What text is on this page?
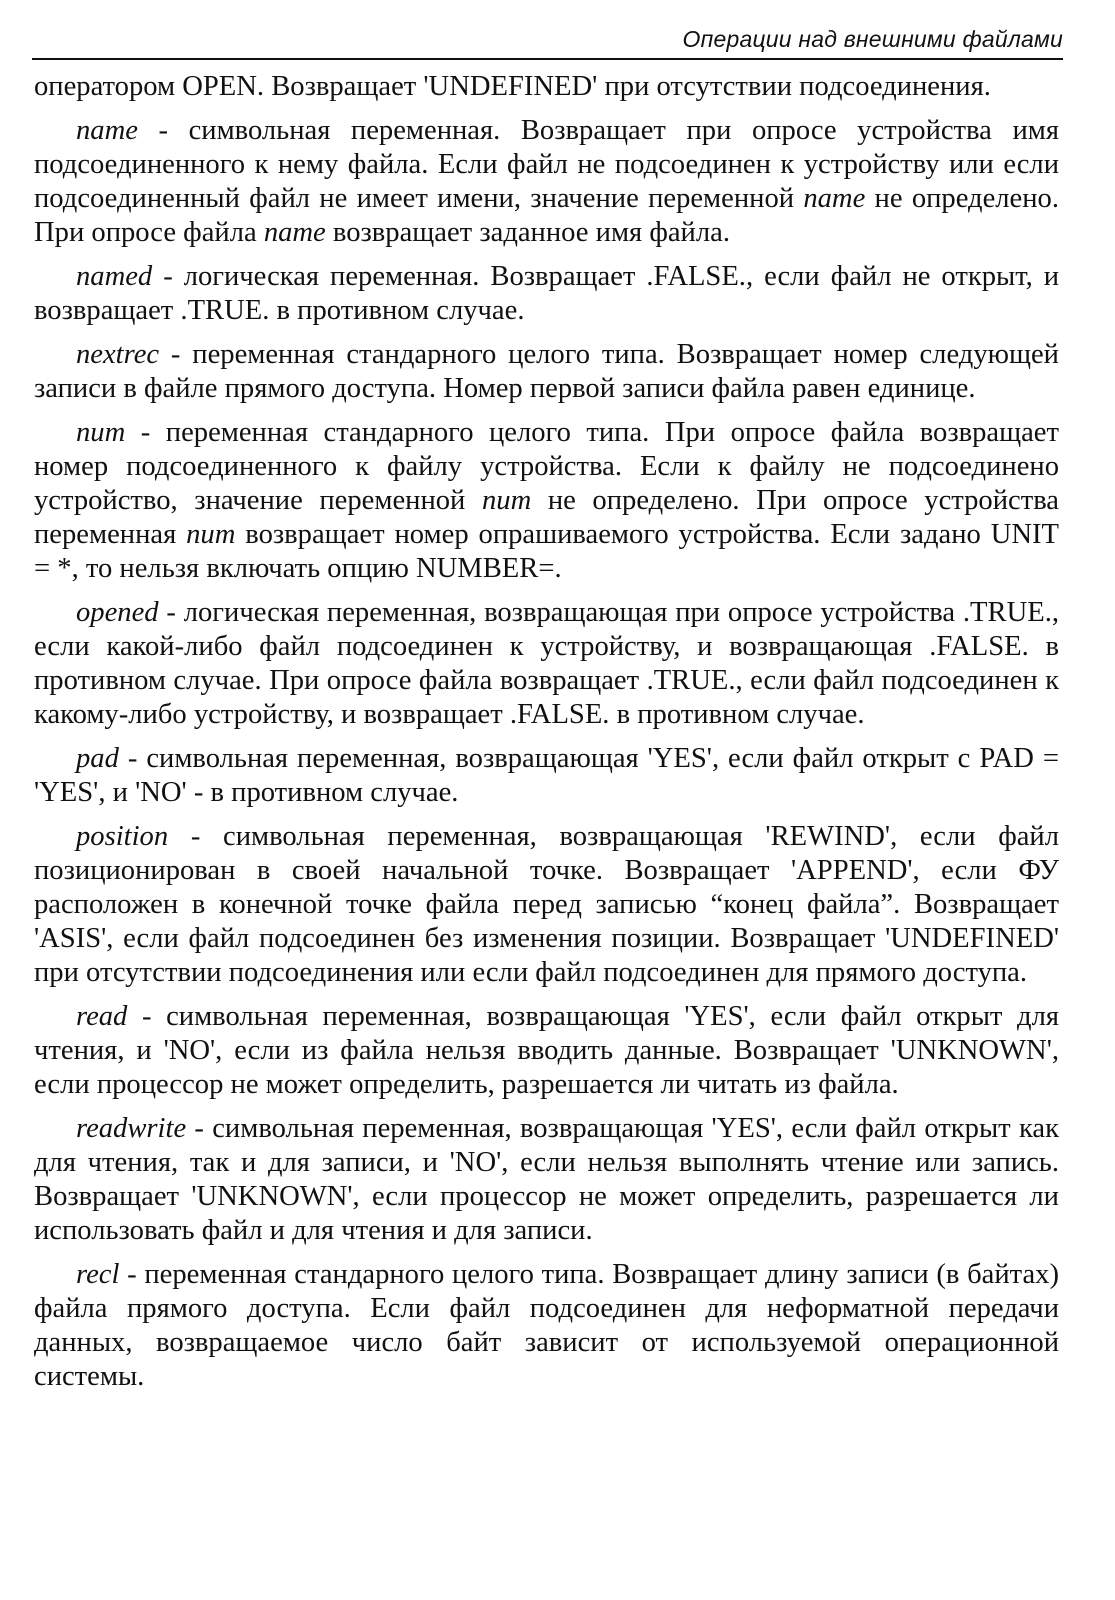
Операции над внешними файлами

оператором OPEN. Возвращает 'UNDEFINED' при отсутствии подсоединения.

name - символьная переменная. Возвращает при опросе устройства имя подсоединенного к нему файла. Если файл не подсоединен к устройству или если подсоединенный файл не имеет имени, значение переменной name не определено. При опросе файла name возвращает заданное имя файла.

named - логическая переменная. Возвращает .FALSE., если файл не открыт, и возвращает .TRUE. в противном случае.

nextrec - переменная стандарного целого типа. Возвращает номер следующей записи в файле прямого доступа. Номер первой записи файла равен единице.

num - переменная стандарного целого типа. При опросе файла возвращает номер подсоединенного к файлу устройства. Если к файлу не подсоединено устройство, значение переменной num не определено. При опросе устройства переменная num возвращает номер опрашиваемого устройства. Если задано UNIT = *, то нельзя включать опцию NUMBER=.

opened - логическая переменная, возвращающая при опросе устройства .TRUE., если какой-либо файл подсоединен к устройству, и возвращающая .FALSE. в противном случае. При опросе файла возвращает .TRUE., если файл подсоединен к какому-либо устройству, и возвращает .FALSE. в противном случае.

pad - символьная переменная, возвращающая 'YES', если файл открыт с PAD = 'YES', и 'NO' - в противном случае.

position - символьная переменная, возвращающая 'REWIND', если файл позиционирован в своей начальной точке. Возвращает 'APPEND', если ФУ расположен в конечной точке файла перед записью “конец файла”. Возвращает 'ASIS', если файл подсоединен без изменения позиции. Возвращает 'UNDEFINED' при отсутствии подсоединения или если файл подсоединен для прямого доступа.

read - символьная переменная, возвращающая 'YES', если файл открыт для чтения, и 'NO', если из файла нельзя вводить данные. Возвращает 'UNKNOWN', если процессор не может определить, разрешается ли читать из файла.

readwrite - символьная переменная, возвращающая 'YES', если файл открыт как для чтения, так и для записи, и 'NO', если нельзя выполнять чтение или запись. Возвращает 'UNKNOWN', если процессор не может определить, разрешается ли использовать файл и для чтения и для записи.

recl - переменная стандарного целого типа. Возвращает длину записи (в байтах) файла прямого доступа. Если файл подсоединен для неформатной передачи данных, возвращаемое число байт зависит от используемой операционной системы.
